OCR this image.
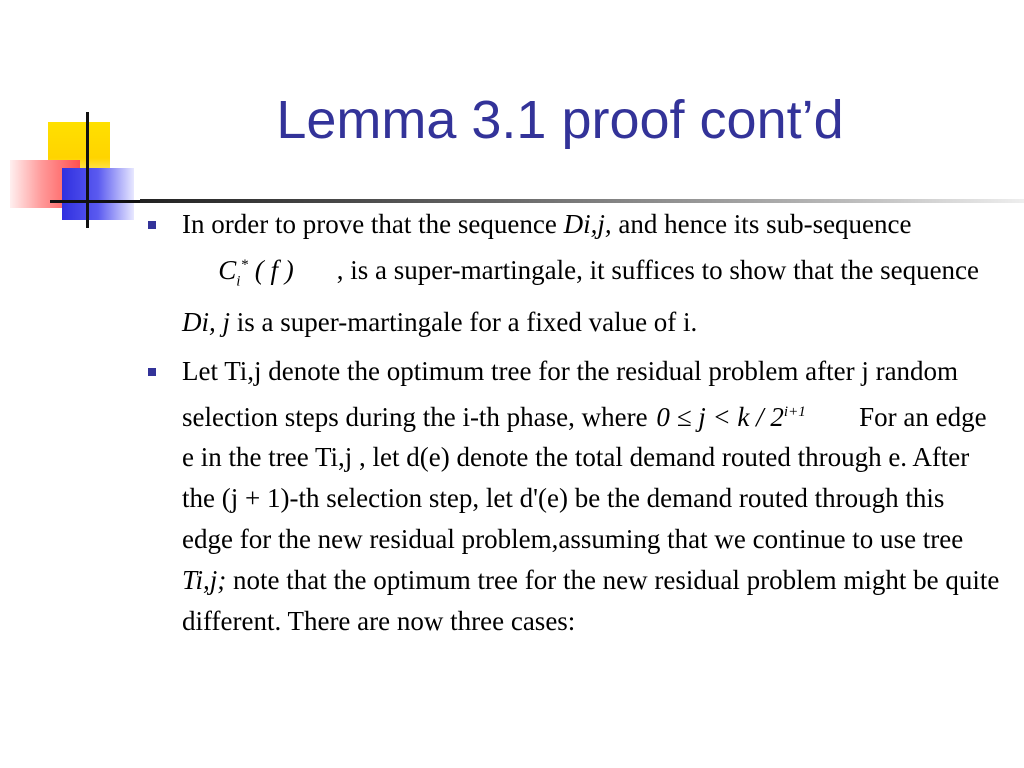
Lemma 3.1 proof cont’d
In order to prove that the sequence Di,j, and hence its sub-sequence $C_i^*$ ( f ) , is a super-martingale, it suffices to show that the sequence Di, j is a super-martingale for a fixed value of i.
Let Ti,j denote the optimum tree for the residual problem after j random selection steps during the i-th phase, where $0 \le j < k / 2^{i+1}$ For an edge e in the tree Ti,j , let d(e) denote the total demand routed through e. After the (j + 1)-th selection step, let d'(e) be the demand routed through this edge for the new residual problem,assuming that we continue to use tree Ti,j; note that the optimum tree for the new residual problem might be quite different. There are now three cases:
